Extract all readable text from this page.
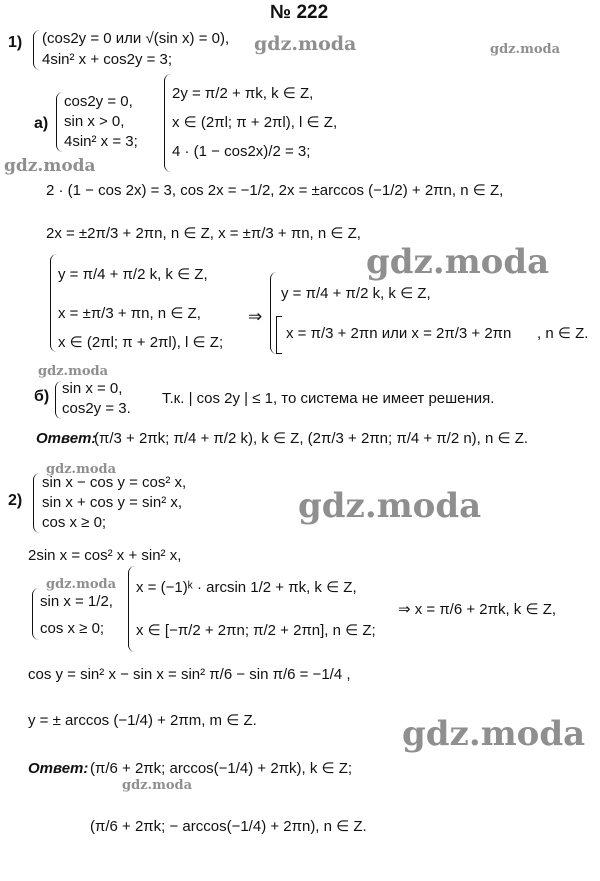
№ 222
1) (cos2y = 0 или √(sin x) = 0),
4sin² x + cos2y = 3;
а)
cos2y = 0,
sin x > 0,
4sin² x = 3;
2y = π/2 + πk, k ∈ Z,
x ∈ (2πl; π + 2πl), l ∈ Z,
4 · (1 − cos2x)/2 = 3;
2 · (1 − cos 2x) = 3, cos 2x = −1/2, 2x = ±arccos (−1/2) + 2πn, n ∈ Z,
2x = ±2π/3 + 2πn, n ∈ Z, x = ±π/3 + πn, n ∈ Z,
y = π/4 + π/2 k, k ∈ Z,
x = ±π/3 + πn, n ∈ Z,
x ∈ (2πl; π + 2πl), l ∈ Z;
⇒
y = π/4 + π/2 k, k ∈ Z,
x = π/3 + 2πn или x = 2π/3 + 2πn , n ∈ Z.
gdz.moda
б) sin x = 0,
cos2y = 3.
Т.к. | cos 2y | ≤ 1, то система не имеет решения.
Ответ:
(π/3 + 2πk; π/4 + π/2 k), k ∈ Z, (2π/3 + 2πn; π/4 + π/2 n), n ∈ Z.
gdz.moda
2)
sin x − cos y = cos² x,
sin x + cos y = sin² x,
cos x ≥ 0;
2sin x = cos² x + sin² x,
gdz.moda
sin x = 1/2,
cos x ≥ 0;
x = (−1)ᵏ · arcsin 1/2 + πk, k ∈ Z,
x ∈ [−π/2 + 2πn; π/2 + 2πn], n ∈ Z;
⇒ x = π/6 + 2πk, k ∈ Z,
cos y = sin² x − sin x = sin² π/6 − sin π/6 = −1/4 ,
y = ± arccos (−1/4) + 2πm, m ∈ Z.
Ответ: (π/6 + 2πk; arccos(−1/4) + 2πk), k ∈ Z;
gdz.moda
(π/6 + 2πk; − arccos(−1/4) + 2πn), n ∈ Z.
gdz.moda	gdz.moda
gdz.moda
gdz.moda
gdz.moda
gdz.moda
